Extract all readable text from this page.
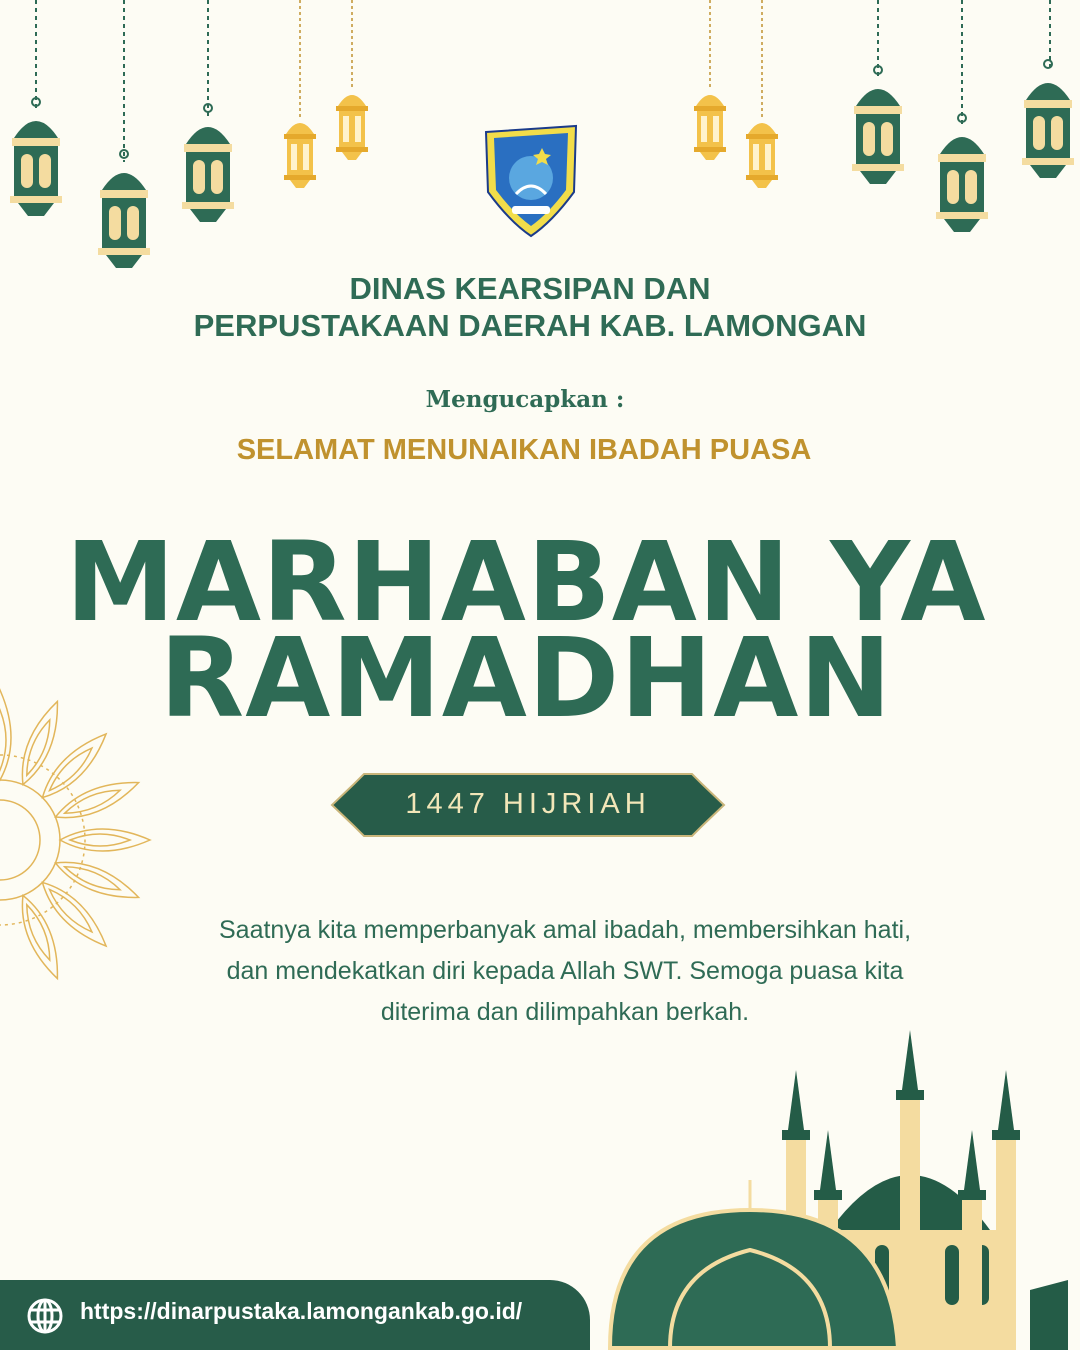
DINAS KEARSIPAN DAN
PERPUSTAKAAN DAERAH KAB. LAMONGAN
Mengucapkan :
SELAMAT MENUNAIKAN IBADAH PUASA
MARHABAN YA
RAMADHAN
1447 HIJRIAH
Saatnya kita memperbanyak amal ibadah, membersihkan hati,
dan mendekatkan diri kepada Allah SWT. Semoga puasa kita
diterima dan dilimpahkan berkah.
https://dinarpustaka.lamongankab.go.id/
